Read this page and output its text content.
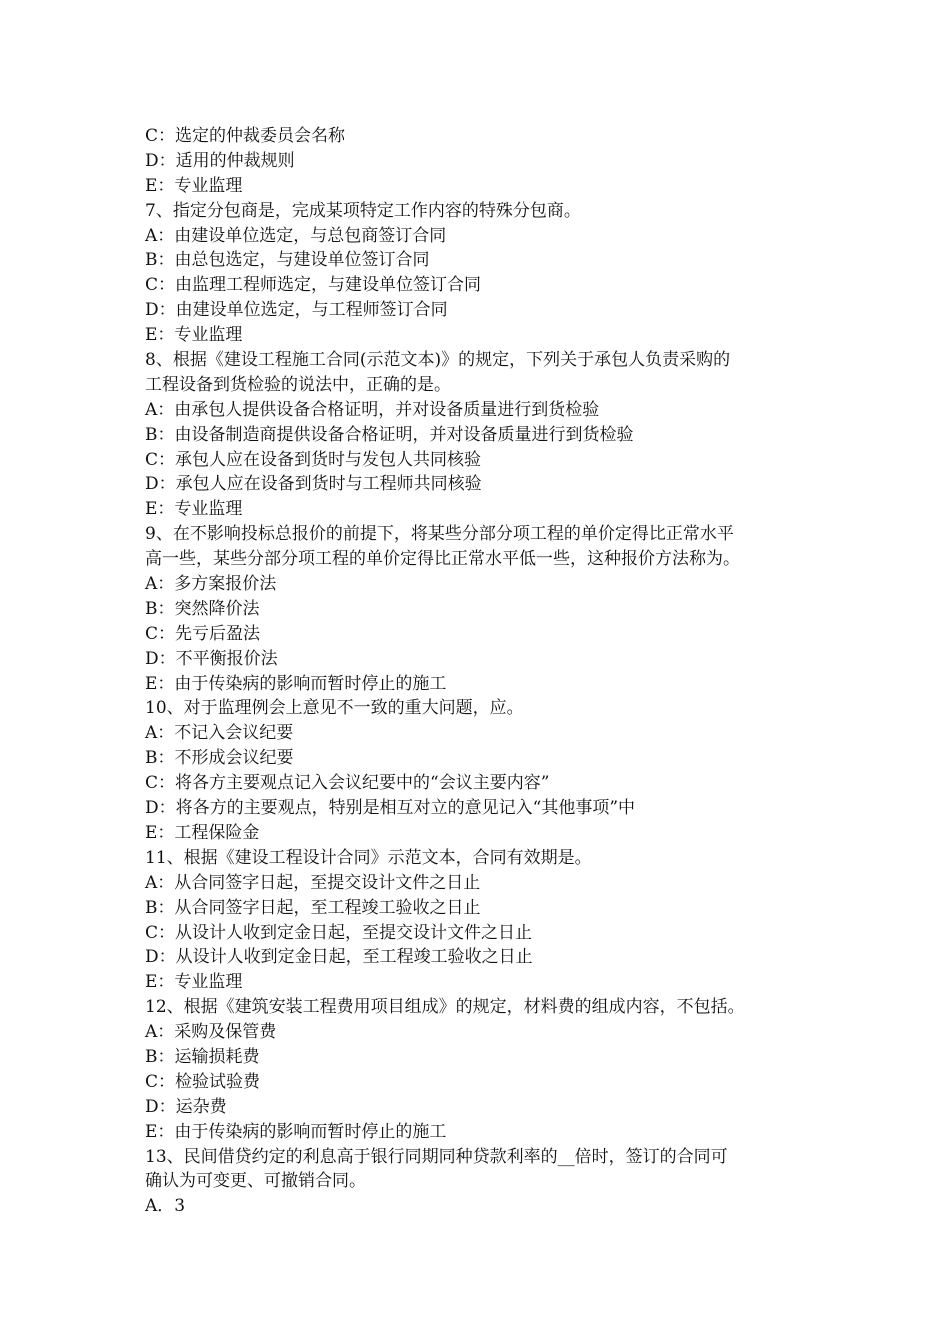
C：选定的仲裁委员会名称
D：适用的仲裁规则
E：专业监理
7、指定分包商是，完成某项特定工作内容的特殊分包商。
A：由建设单位选定，与总包商签订合同
B：由总包选定，与建设单位签订合同
C：由监理工程师选定，与建设单位签订合同
D：由建设单位选定，与工程师签订合同
E：专业监理
8、根据《建设工程施工合同(示范文本)》的规定，下列关于承包人负责采购的
工程设备到货检验的说法中，正确的是。
A：由承包人提供设备合格证明，并对设备质量进行到货检验
B：由设备制造商提供设备合格证明，并对设备质量进行到货检验
C：承包人应在设备到货时与发包人共同核验
D：承包人应在设备到货时与工程师共同核验
E：专业监理
9、在不影响投标总报价的前提下，将某些分部分项工程的单价定得比正常水平
高一些，某些分部分项工程的单价定得比正常水平低一些，这种报价方法称为。
A：多方案报价法
B：突然降价法
C：先亏后盈法
D：不平衡报价法
E：由于传染病的影响而暂时停止的施工
10、对于监理例会上意见不一致的重大问题，应。
A：不记入会议纪要
B：不形成会议纪要
C：将各方主要观点记入会议纪要中的“会议主要内容”
D：将各方的主要观点，特别是相互对立的意见记入“其他事项”中
E：工程保险金
11、根据《建设工程设计合同》示范文本，合同有效期是。
A：从合同签字日起，至提交设计文件之日止
B：从合同签字日起，至工程竣工验收之日止
C：从设计人收到定金日起，至提交设计文件之日止
D：从设计人收到定金日起，至工程竣工验收之日止
E：专业监理
12、根据《建筑安装工程费用项目组成》的规定，材料费的组成内容，不包括。
A：采购及保管费
B：运输损耗费
C：检验试验费
D：运杂费
E：由于传染病的影响而暂时停止的施工
13、民间借贷约定的利息高于银行同期同种贷款利率的__倍时，签订的合同可
确认为可变更、可撤销合同。
A．3
